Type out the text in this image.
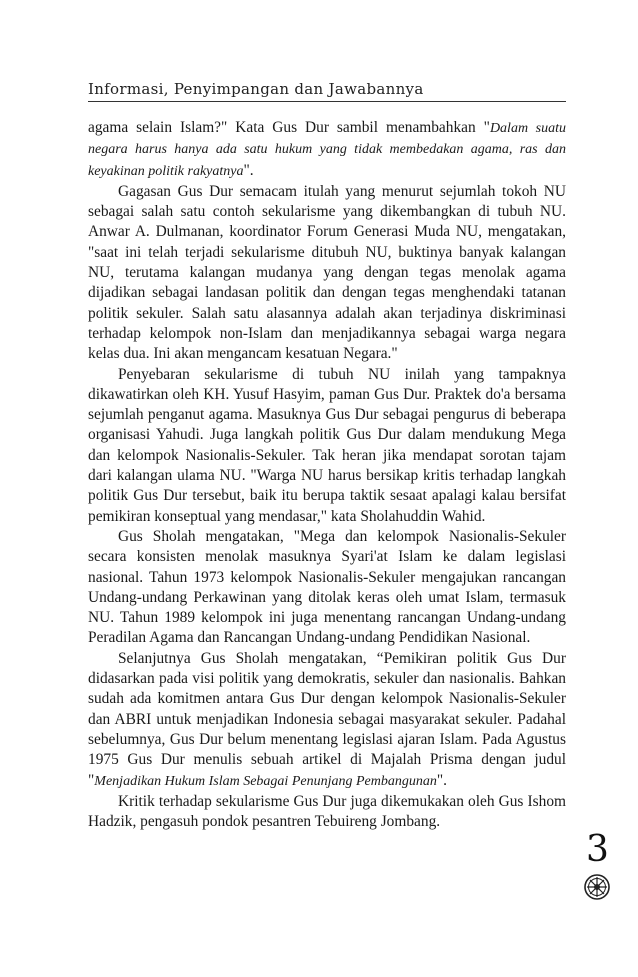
Informasi, Penyimpangan dan Jawabannya

agama selain Islam?" Kata Gus Dur sambil menambahkan "Dalam suatu negara harus hanya ada satu hukum yang tidak membedakan agama, ras dan keyakinan politik rakyatnya".

Gagasan Gus Dur semacam itulah yang menurut sejumlah tokoh NU sebagai salah satu contoh sekularisme yang dikembangkan di tubuh NU. Anwar A. Dulmanan, koordinator Forum Generasi Muda NU, mengatakan, "saat ini telah terjadi sekularisme ditubuh NU, buktinya banyak kalangan NU, terutama kalangan mudanya yang dengan tegas menolak agama dijadikan sebagai landasan politik dan dengan tegas menghendaki tatanan politik sekuler. Salah satu alasannya adalah akan terjadinya diskriminasi terhadap kelompok non-Islam dan menjadikannya sebagai warga negara kelas dua. Ini akan mengancam kesatuan Negara."

Penyebaran sekularisme di tubuh NU inilah yang tampaknya dikawatirkan oleh KH. Yusuf Hasyim, paman Gus Dur. Praktek do'a bersama sejumlah penganut agama. Masuknya Gus Dur sebagai pengurus di beberapa organisasi Yahudi. Juga langkah politik Gus Dur dalam mendukung Mega dan kelompok Nasionalis-Sekuler. Tak heran jika mendapat sorotan tajam dari kalangan ulama NU. "Warga NU harus bersikap kritis terhadap langkah politik Gus Dur tersebut, baik itu berupa taktik sesaat apalagi kalau bersifat pemikiran konseptual yang mendasar," kata Sholahuddin Wahid.

Gus Sholah mengatakan, "Mega dan kelompok Nasionalis-Sekuler secara konsisten menolak masuknya Syari'at Islam ke dalam legislasi nasional. Tahun 1973 kelompok Nasionalis-Sekuler mengajukan rancangan Undang-undang Perkawinan yang ditolak keras oleh umat Islam, termasuk NU. Tahun 1989 kelompok ini juga menentang rancangan Undang-undang Peradilan Agama dan Rancangan Undang-undang Pendidikan Nasional.

Selanjutnya Gus Sholah mengatakan, “Pemikiran politik Gus Dur didasarkan pada visi politik yang demokratis, sekuler dan nasionalis. Bahkan sudah ada komitmen antara Gus Dur dengan kelompok Nasionalis-Sekuler dan ABRI untuk menjadikan Indonesia sebagai masyarakat sekuler. Padahal sebelumnya, Gus Dur belum menentang legislasi ajaran Islam. Pada Agustus 1975 Gus Dur menulis sebuah artikel di Majalah Prisma dengan judul "Menjadikan Hukum Islam Sebagai Penunjang Pembangunan".

Kritik terhadap sekularisme Gus Dur juga dikemukakan oleh Gus Ishom Hadzik, pengasuh pondok pesantren Tebuireng Jombang.

3
